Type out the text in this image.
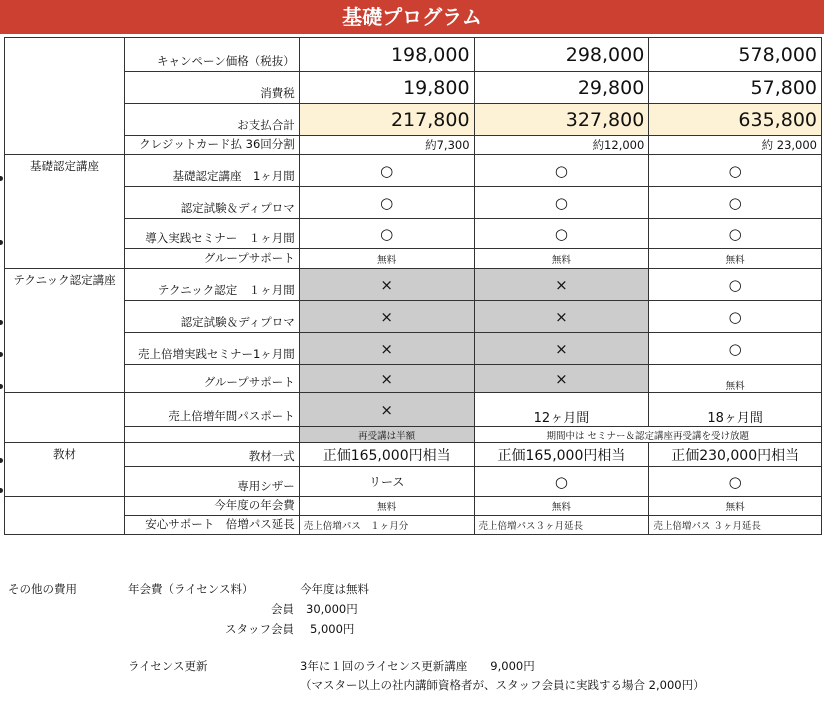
基礎プログラム
	キャンペーン価格（税抜）	198,000	298,000	578,000
	消費税	19,800	29,800	57,800
	お支払合計	217,800	327,800	635,800
	クレジットカード払 36回分割	約7,300	約12,000	約 23,000
基礎認定講座	基礎認定講座　1ヶ月間	○	○	○
	認定試験＆ディプロマ	○	○	○
	導入実践セミナー　１ヶ月間	○	○	○
	グループサポート	無料	無料	無料
テクニック認定講座	テクニック認定　１ヶ月間	×	×	○
	認定試験＆ディプロマ	×	×	○
	売上倍増実践セミナー1ヶ月間	×	×	○
	グループサポート	×	×	無料
	売上倍増年間パスポート	×	12ヶ月間	18ヶ月間
		再受講は半額	期間中は セミナー＆認定講座再受講を受け放題	
教材	教材一式	正価165,000円相当	正価165,000円相当	正価230,000円相当
	専用シザー	リース	○	○
	今年度の年会費	無料	無料	無料
	安心サポート　倍増パス延長	売上倍増パス　１ヶ月分	売上倍増パス３ヶ月延長	売上倍増パス ３ヶ月延長
その他の費用	年会費（ライセンス料）	今年度は無料
会員 30,000円
スタッフ会員 5,000円
ライセンス更新	3年に１回のライセンス更新講座　　9,000円
（マスター以上の社内講師資格者が、スタッフ会員に実践する場合 2,000円）
